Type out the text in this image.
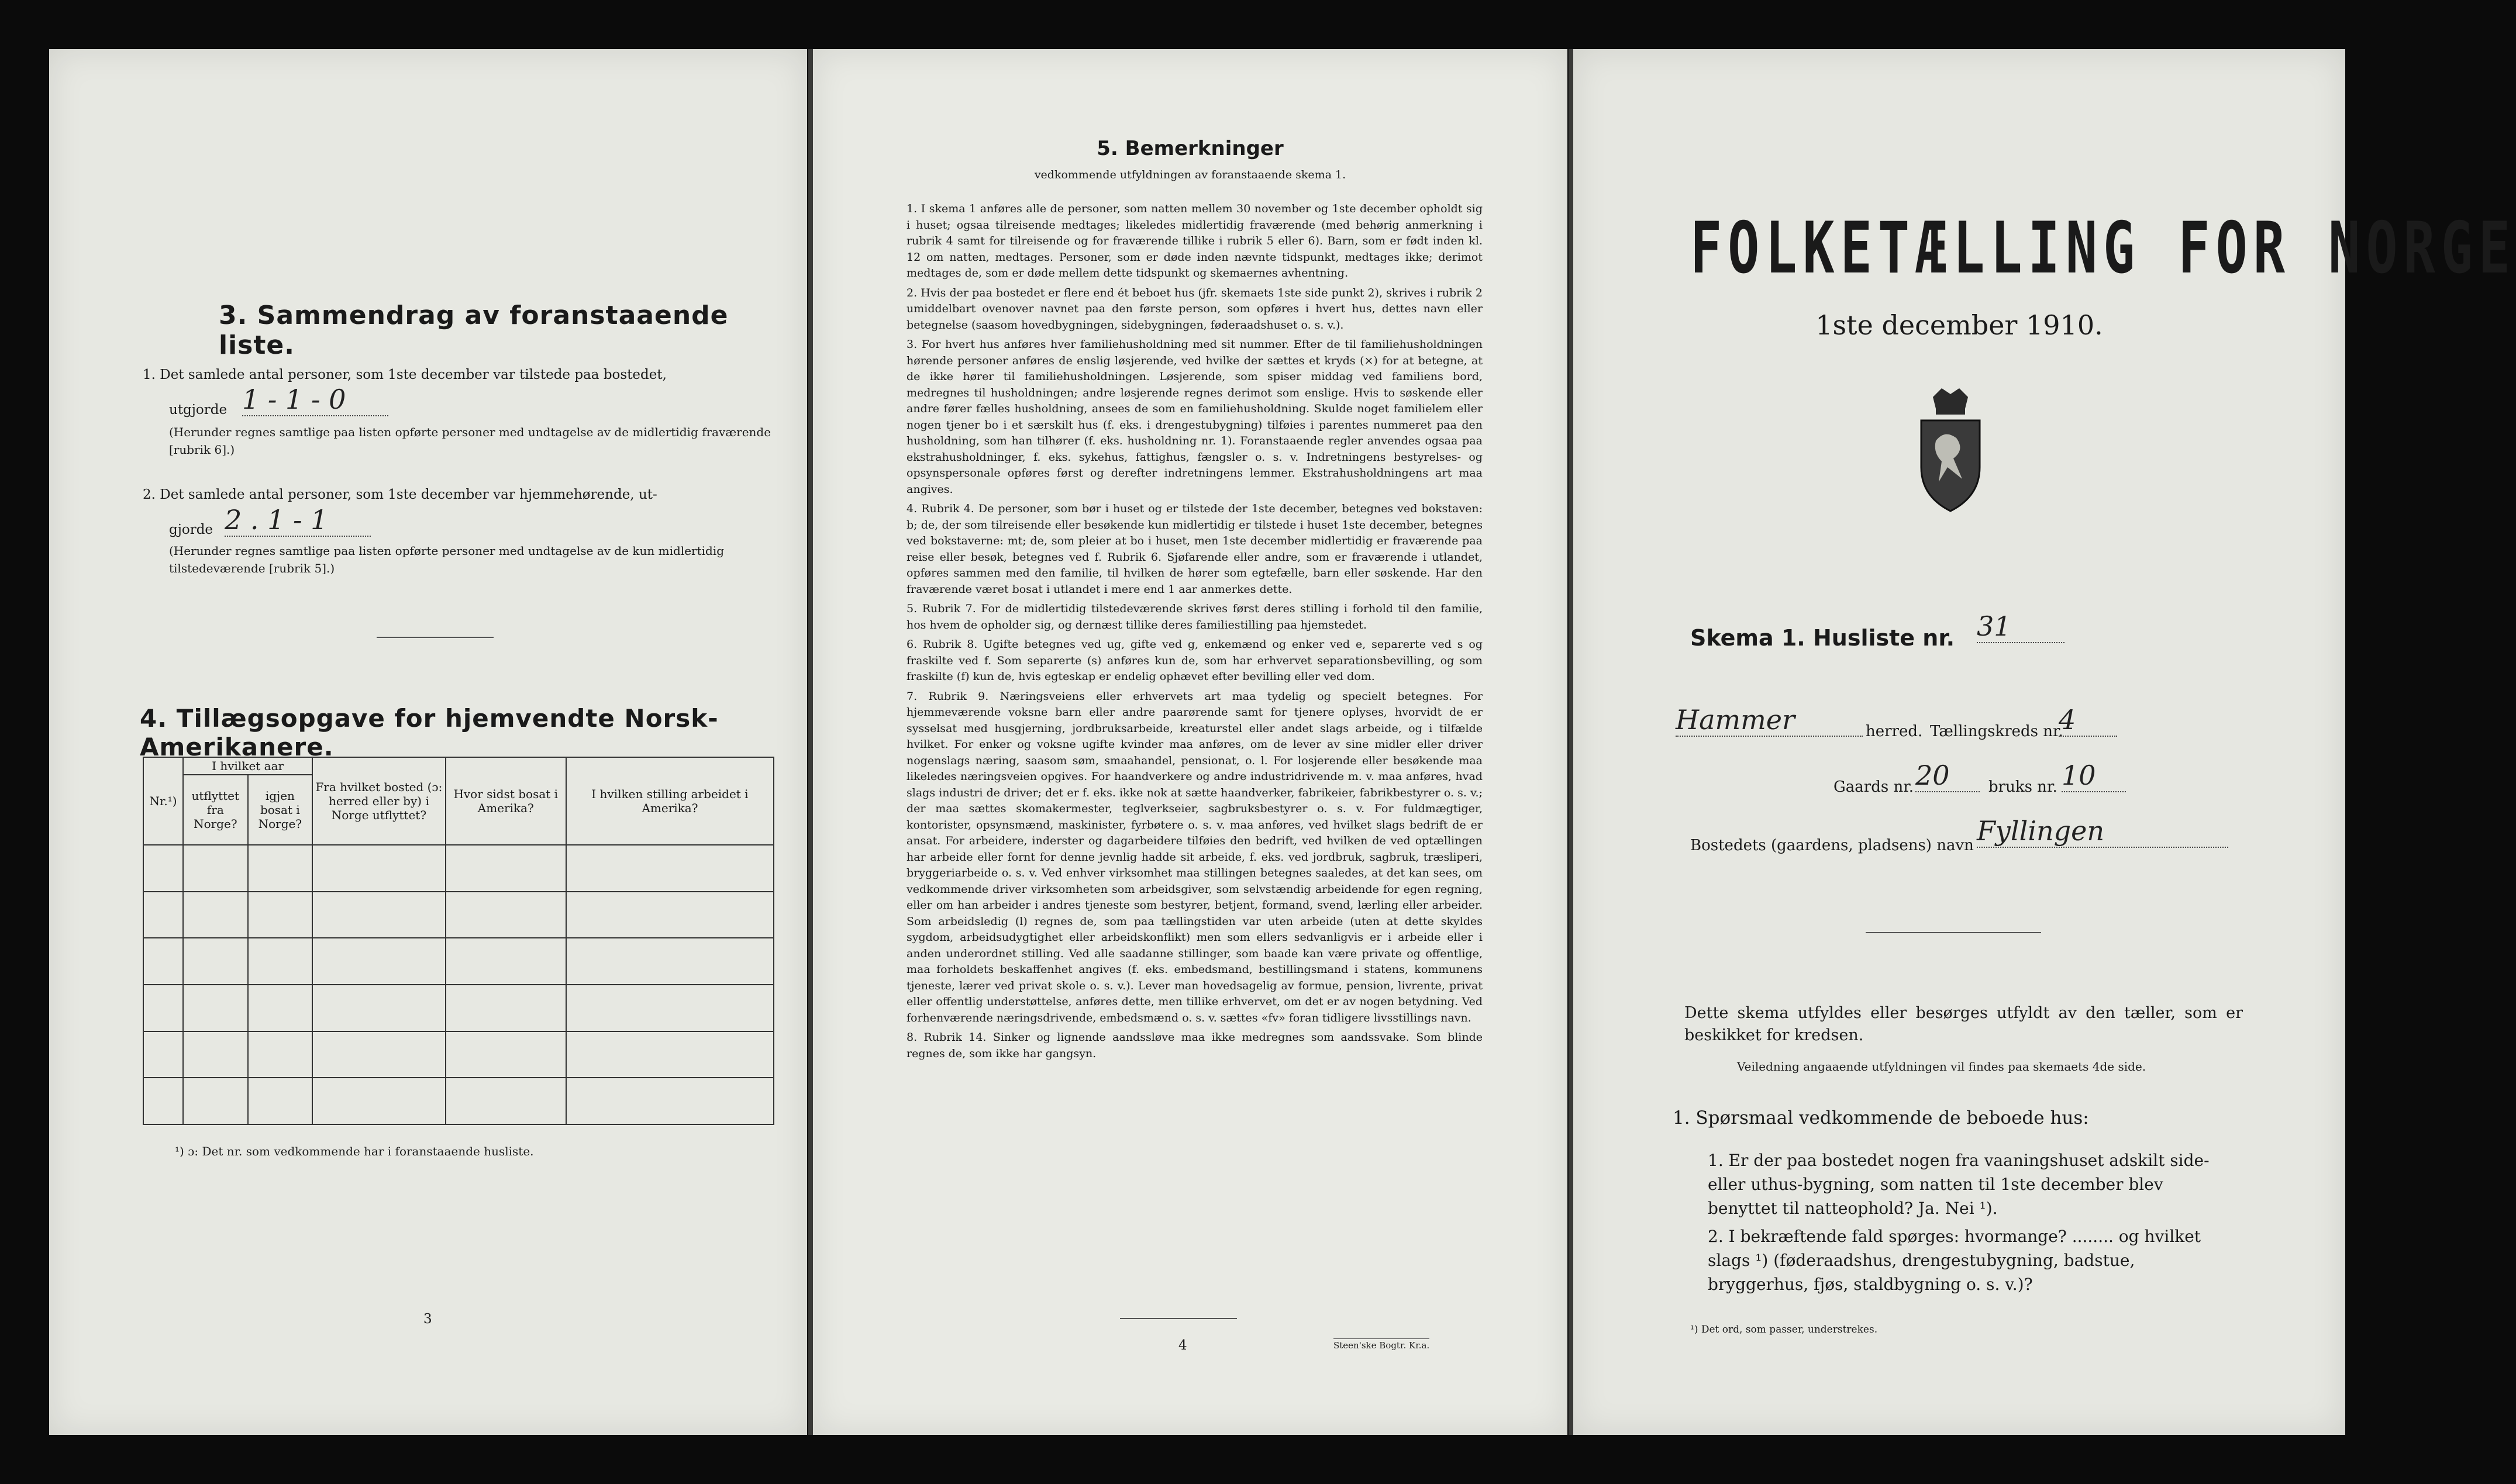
3. Sammendrag av foranstaaende liste.
1. Det samlede antal personer, som 1ste december var tilstede paa bostedet,
utgjorde 1 - 1 - 0
(Herunder regnes samtlige paa listen opførte personer med undtagelse av de midlertidig fraværende [rubrik 6].)
2. Det samlede antal personer, som 1ste december var hjemmehørende, ut-
gjorde 2 . 1 - 1
(Herunder regnes samtlige paa listen opførte personer med undtagelse av de kun midlertidig tilstedeværende [rubrik 5].)
4. Tillægsopgave for hjemvendte Norsk-Amerikanere.
Nr.¹)	I hvilket aar		Fra hvilket bosted (ɔ: herred eller by) i Norge utflyttet?	Hvor sidst bosat i Amerika?	I hvilken stilling arbeidet i Amerika?
	utflyttet fra Norge?	igjen bosat i Norge?			

¹) ɔ: Det nr. som vedkommende har i foranstaaende husliste.
3
5. Bemerkninger
vedkommende utfyldningen av foranstaaende skema 1.

1. I skema 1 anføres alle de personer, som natten mellem 30 november og 1ste december opholdt sig i huset; ogsaa tilreisende medtages; likeledes midlertidig fraværende (med behørig anmerkning i rubrik 4 samt for tilreisende og for fraværende tillike i rubrik 5 eller 6). Barn, som er født inden kl. 12 om natten, medtages. Personer, som er døde inden nævnte tidspunkt, medtages ikke; derimot medtages de, som er døde mellem dette tidspunkt og skemaernes avhentning.

2. Hvis der paa bostedet er flere end ét beboet hus (jfr. skemaets 1ste side punkt 2), skrives i rubrik 2 umiddelbart ovenover navnet paa den første person, som opføres i hvert hus, dettes navn eller betegnelse (saasom hovedbygningen, sidebygningen, føderaadshuset o. s. v.).

3. For hvert hus anføres hver familiehusholdning med sit nummer. Efter de til familiehusholdningen hørende personer anføres de enslig løsjerende, ved hvilke der sættes et kryds (×) for at betegne, at de ikke hører til familiehusholdningen. Løsjerende, som spiser middag ved familiens bord, medregnes til husholdningen; andre løsjerende regnes derimot som enslige. Hvis to søskende eller andre fører fælles husholdning, ansees de som en familiehusholdning. Skulde noget familielem eller nogen tjener bo i et særskilt hus (f. eks. i drengestubygning) tilføies i parentes nummeret paa den husholdning, som han tilhører (f. eks. husholdning nr. 1). Foranstaaende regler anvendes ogsaa paa ekstrahusholdninger, f. eks. sykehus, fattighus, fængsler o. s. v. Indretningens bestyrelses- og opsynspersonale opføres først og derefter indretningens lemmer. Ekstrahusholdningens art maa angives.

4. Rubrik 4. De personer, som bør i huset og er tilstede der 1ste december, betegnes ved bokstaven: b; de, der som tilreisende eller besøkende kun midlertidig er tilstede i huset 1ste december, betegnes ved bokstaverne: mt; de, som pleier at bo i huset, men 1ste december midlertidig er fraværende paa reise eller besøk, betegnes ved f. Rubrik 6. Sjøfarende eller andre, som er fraværende i utlandet, opføres sammen med den familie, til hvilken de hører som egtefælle, barn eller søskende. Har den fraværende været bosat i utlandet i mere end 1 aar anmerkes dette.

5. Rubrik 7. For de midlertidig tilstedeværende skrives først deres stilling i forhold til den familie, hos hvem de opholder sig, og dernæst tillike deres familiestilling paa hjemstedet.

6. Rubrik 8. Ugifte betegnes ved ug, gifte ved g, enkemænd og enker ved e, separerte ved s og fraskilte ved f. Som separerte (s) anføres kun de, som har erhvervet separationsbevilling, og som fraskilte (f) kun de, hvis egteskap er endelig ophævet efter bevilling eller ved dom.

7. Rubrik 9. Næringsveiens eller erhvervets art maa tydelig og specielt betegnes. For hjemmeværende voksne barn eller andre paarørende samt for tjenere oplyses, hvorvidt de er sysselsat med husgjerning, jordbruksarbeide, kreaturstel eller andet slags arbeide, og i tilfælde hvilket. For enker og voksne ugifte kvinder maa anføres, om de lever av sine midler eller driver nogenslags næring, saasom søm, smaahandel, pensionat, o. l. For losjerende eller besøkende maa likeledes næringsveien opgives. For haandverkere og andre industridrivende m. v. maa anføres, hvad slags industri de driver; det er f. eks. ikke nok at sætte haandverker, fabrikeier, fabrikbestyrer o. s. v.; der maa sættes skomakermester, teglverkseier, sagbruksbestyrer o. s. v. For fuldmægtiger, kontorister, opsynsmænd, maskinister, fyrbøtere o. s. v. maa anføres, ved hvilket slags bedrift de er ansat. For arbeidere, inderster og dagarbeidere tilføies den bedrift, ved hvilken de ved optællingen har arbeide eller fornt for denne jevnlig hadde sit arbeide, f. eks. ved jordbruk, sagbruk, træsliperi, bryggeriarbeide o. s. v. Ved enhver virksomhet maa stillingen betegnes saaledes, at det kan sees, om vedkommende driver virksomheten som arbeidsgiver, som selvstændig arbeidende for egen regning, eller om han arbeider i andres tjeneste som bestyrer, betjent, formand, svend, lærling eller arbeider. Som arbeidsledig (l) regnes de, som paa tællingstiden var uten arbeide (uten at dette skyldes sygdom, arbeidsudygtighet eller arbeidskonflikt) men som ellers sedvanligvis er i arbeide eller i anden underordnet stilling. Ved alle saadanne stillinger, som baade kan være private og offentlige, maa forholdets beskaffenhet angives (f. eks. embedsmand, bestillingsmand i statens, kommunens tjeneste, lærer ved privat skole o. s. v.). Lever man hovedsagelig av formue, pension, livrente, privat eller offentlig understøttelse, anføres dette, men tillike erhvervet, om det er av nogen betydning. Ved forhenværende næringsdrivende, embedsmænd o. s. v. sættes «fv» foran tidligere livsstillings navn.

8. Rubrik 14. Sinker og lignende aandssløve maa ikke medregnes som aandssvake. Som blinde regnes de, som ikke har gangsyn.

4	Steen'ske Bogtr. Kr.a.
FOLKETÆLLING FOR NORGE
1ste december 1910.
Skema 1. Husliste nr. 31
Hammer	herred. Tællingskreds nr.
4
Gaards nr. 20	bruks nr. 10
Bostedets (gaardens, pladsens) navn Fyllingen
Dette skema utfyldes eller besørges utfyldt av den tæller, som er beskikket for kredsen.
Veiledning angaaende utfyldningen vil findes paa skemaets 4de side.
1. Spørsmaal vedkommende de beboede hus:
1. Er der paa bostedet nogen fra vaaningshuset adskilt side- eller uthus-bygning, som natten til 1ste december blev benyttet til natteophold? Ja. Nei ¹).
2. I bekræftende fald spørges: hvormange? ........ og hvilket slags ¹) (føderaadshus, drengestubygning, badstue, bryggerhus, fjøs, staldbygning o. s. v.)?
¹) Det ord, som passer, understrekes.
